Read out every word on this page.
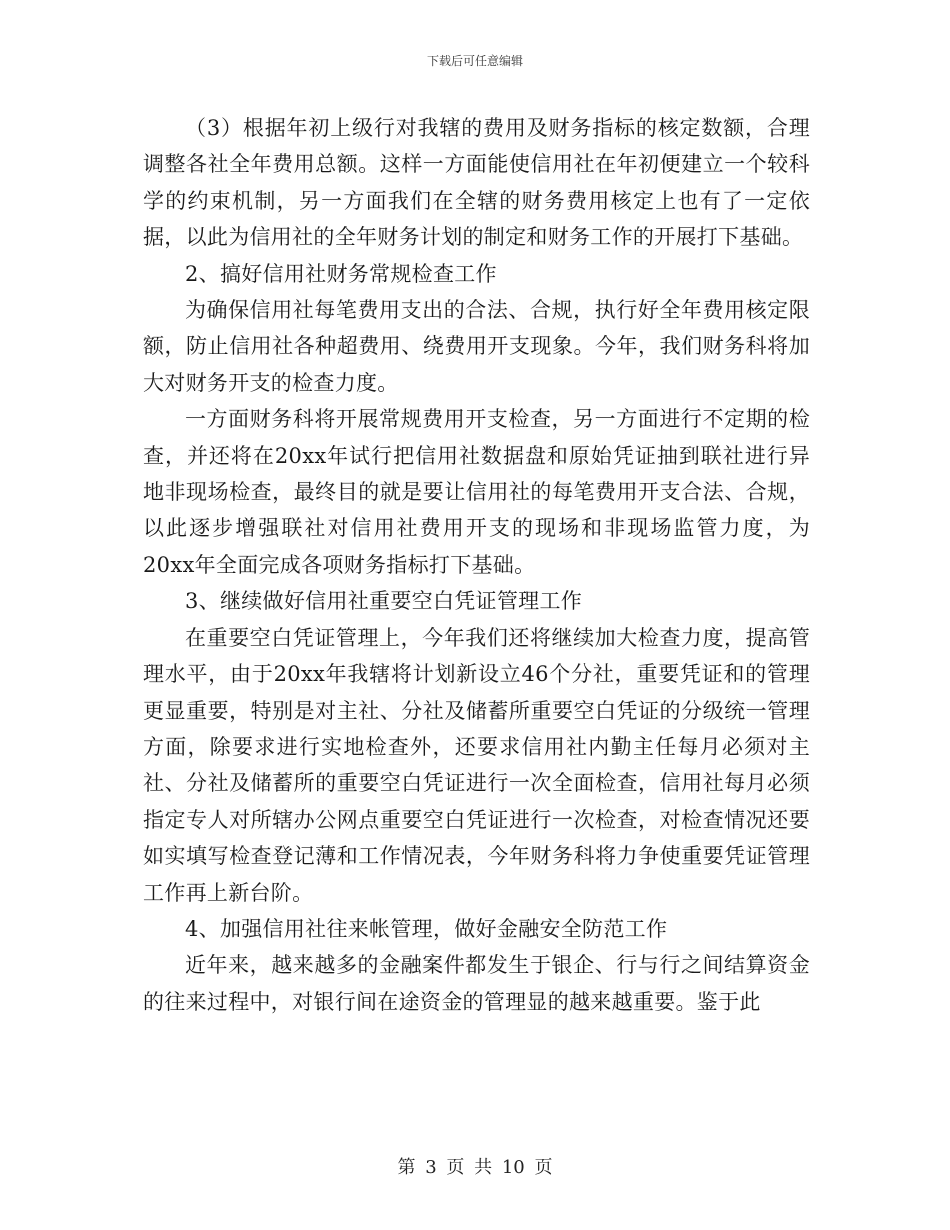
下载后可任意编辑

（3）根据年初上级行对我辖的费用及财务指标的核定数额，合理调整各社全年费用总额。这样一方面能使信用社在年初便建立一个较科学的约束机制，另一方面我们在全辖的财务费用核定上也有了一定依据，以此为信用社的全年财务计划的制定和财务工作的开展打下基础。

2、搞好信用社财务常规检查工作

为确保信用社每笔费用支出的合法、合规，执行好全年费用核定限额，防止信用社各种超费用、绕费用开支现象。今年，我们财务科将加大对财务开支的检查力度。

一方面财务科将开展常规费用开支检查，另一方面进行不定期的检查，并还将在20xx年试行把信用社数据盘和原始凭证抽到联社进行异地非现场检查，最终目的就是要让信用社的每笔费用开支合法、合规，以此逐步增强联社对信用社费用开支的现场和非现场监管力度，为20xx年全面完成各项财务指标打下基础。

3、继续做好信用社重要空白凭证管理工作

在重要空白凭证管理上，今年我们还将继续加大检查力度，提高管理水平，由于20xx年我辖将计划新设立46个分社，重要凭证和的管理更显重要，特别是对主社、分社及储蓄所重要空白凭证的分级统一管理方面，除要求进行实地检查外，还要求信用社内勤主任每月必须对主社、分社及储蓄所的重要空白凭证进行一次全面检查，信用社每月必须指定专人对所辖办公网点重要空白凭证进行一次检查，对检查情况还要如实填写检查登记薄和工作情况表，今年财务科将力争使重要凭证管理工作再上新台阶。

4、加强信用社往来帐管理，做好金融安全防范工作

近年来，越来越多的金融案件都发生于银企、行与行之间结算资金的往来过程中，对银行间在途资金的管理显的越来越重要。鉴于此

第 3 页 共 10 页
